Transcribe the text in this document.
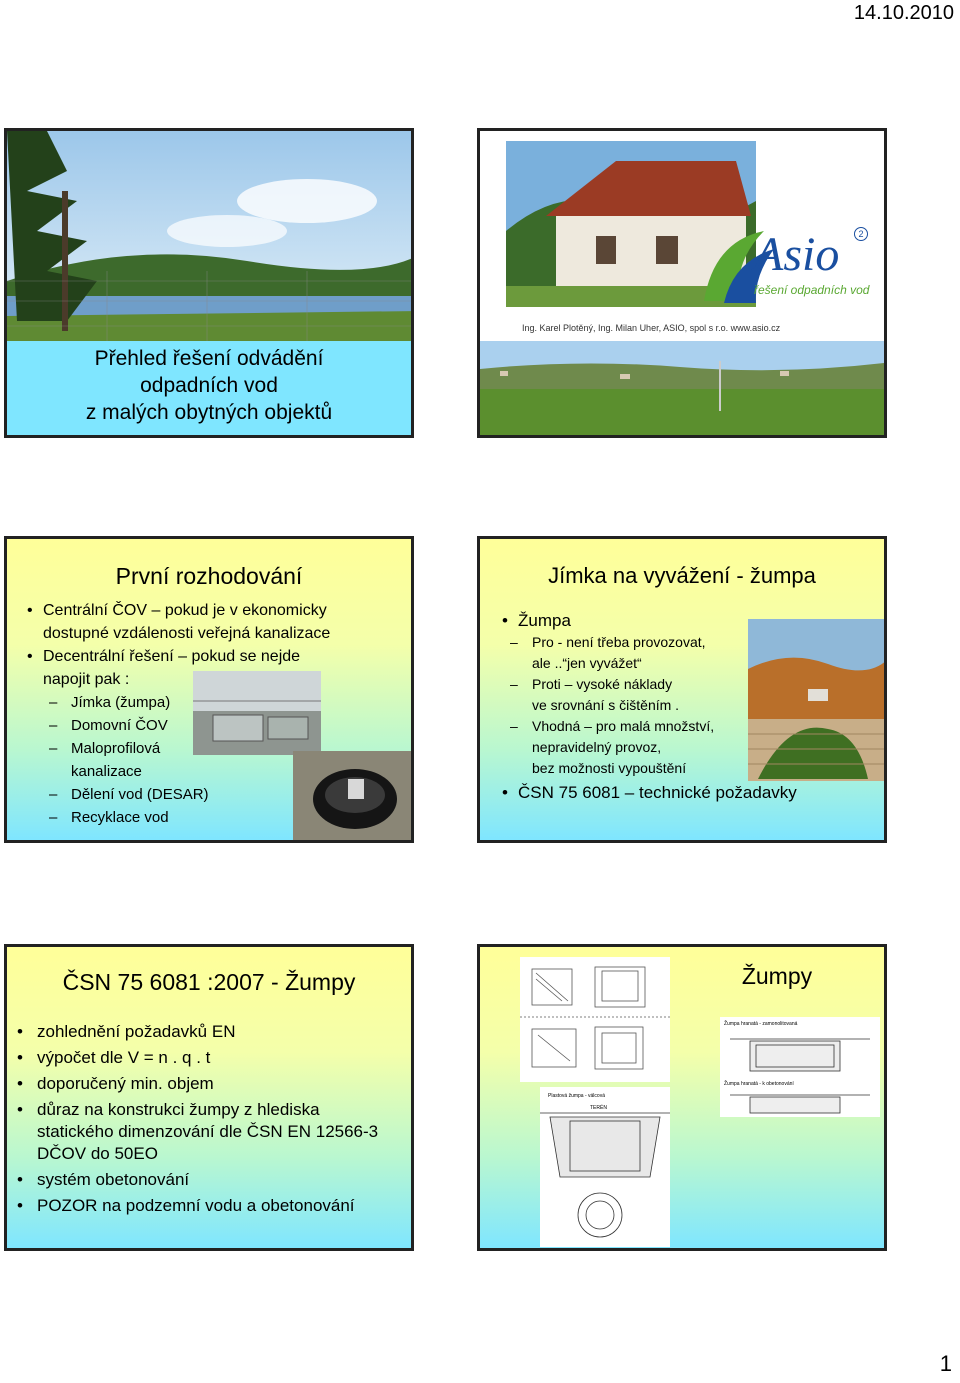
14.10.2010
Přehled řešení odvádění
odpadních vod
z malých obytných objektů
Asio	2
řešení odpadních vod
Ing. Karel Plotěný, Ing. Milan Uher, ASIO, spol s r.o. www.asio.cz
První rozhodování
• Centrální ČOV – pokud je v ekonomicky
dostupné vzdálenosti veřejná kanalizace
• Decentrální řešení – pokud se nejde
napojit pak :
– Jímka (žumpa)
– Domovní ČOV
– Maloprofilová
kanalizace
– Dělení vod (DESAR)
– Recyklace vod
Jímka na vyvážení - žumpa
• Žumpa
– Pro - není třeba provozovat,
ale ..“jen vyvážet“
– Proti – vysoké náklady
ve srovnání s čištěním .
– Vhodná – pro malá množství,
nepravidelný provoz,
bez možnosti vypouštění
• ČSN 75 6081 – technické požadavky
ČSN 75 6081 :2007 - Žumpy
• zohlednění požadavků EN
• výpočet dle V = n . q . t
• doporučený min. objem
• důraz na konstrukci žumpy z hlediska
statického dimenzování dle ČSN EN 12566-3
DČOV do 50EO
• systém obetonování
• POZOR na podzemní vodu a obetonování
Žumpy
Žumpa hranatá - zamonolitovaná
Žumpa hranatá - k obetonování
Plastová žumpa - válcová
TERÉN
1
